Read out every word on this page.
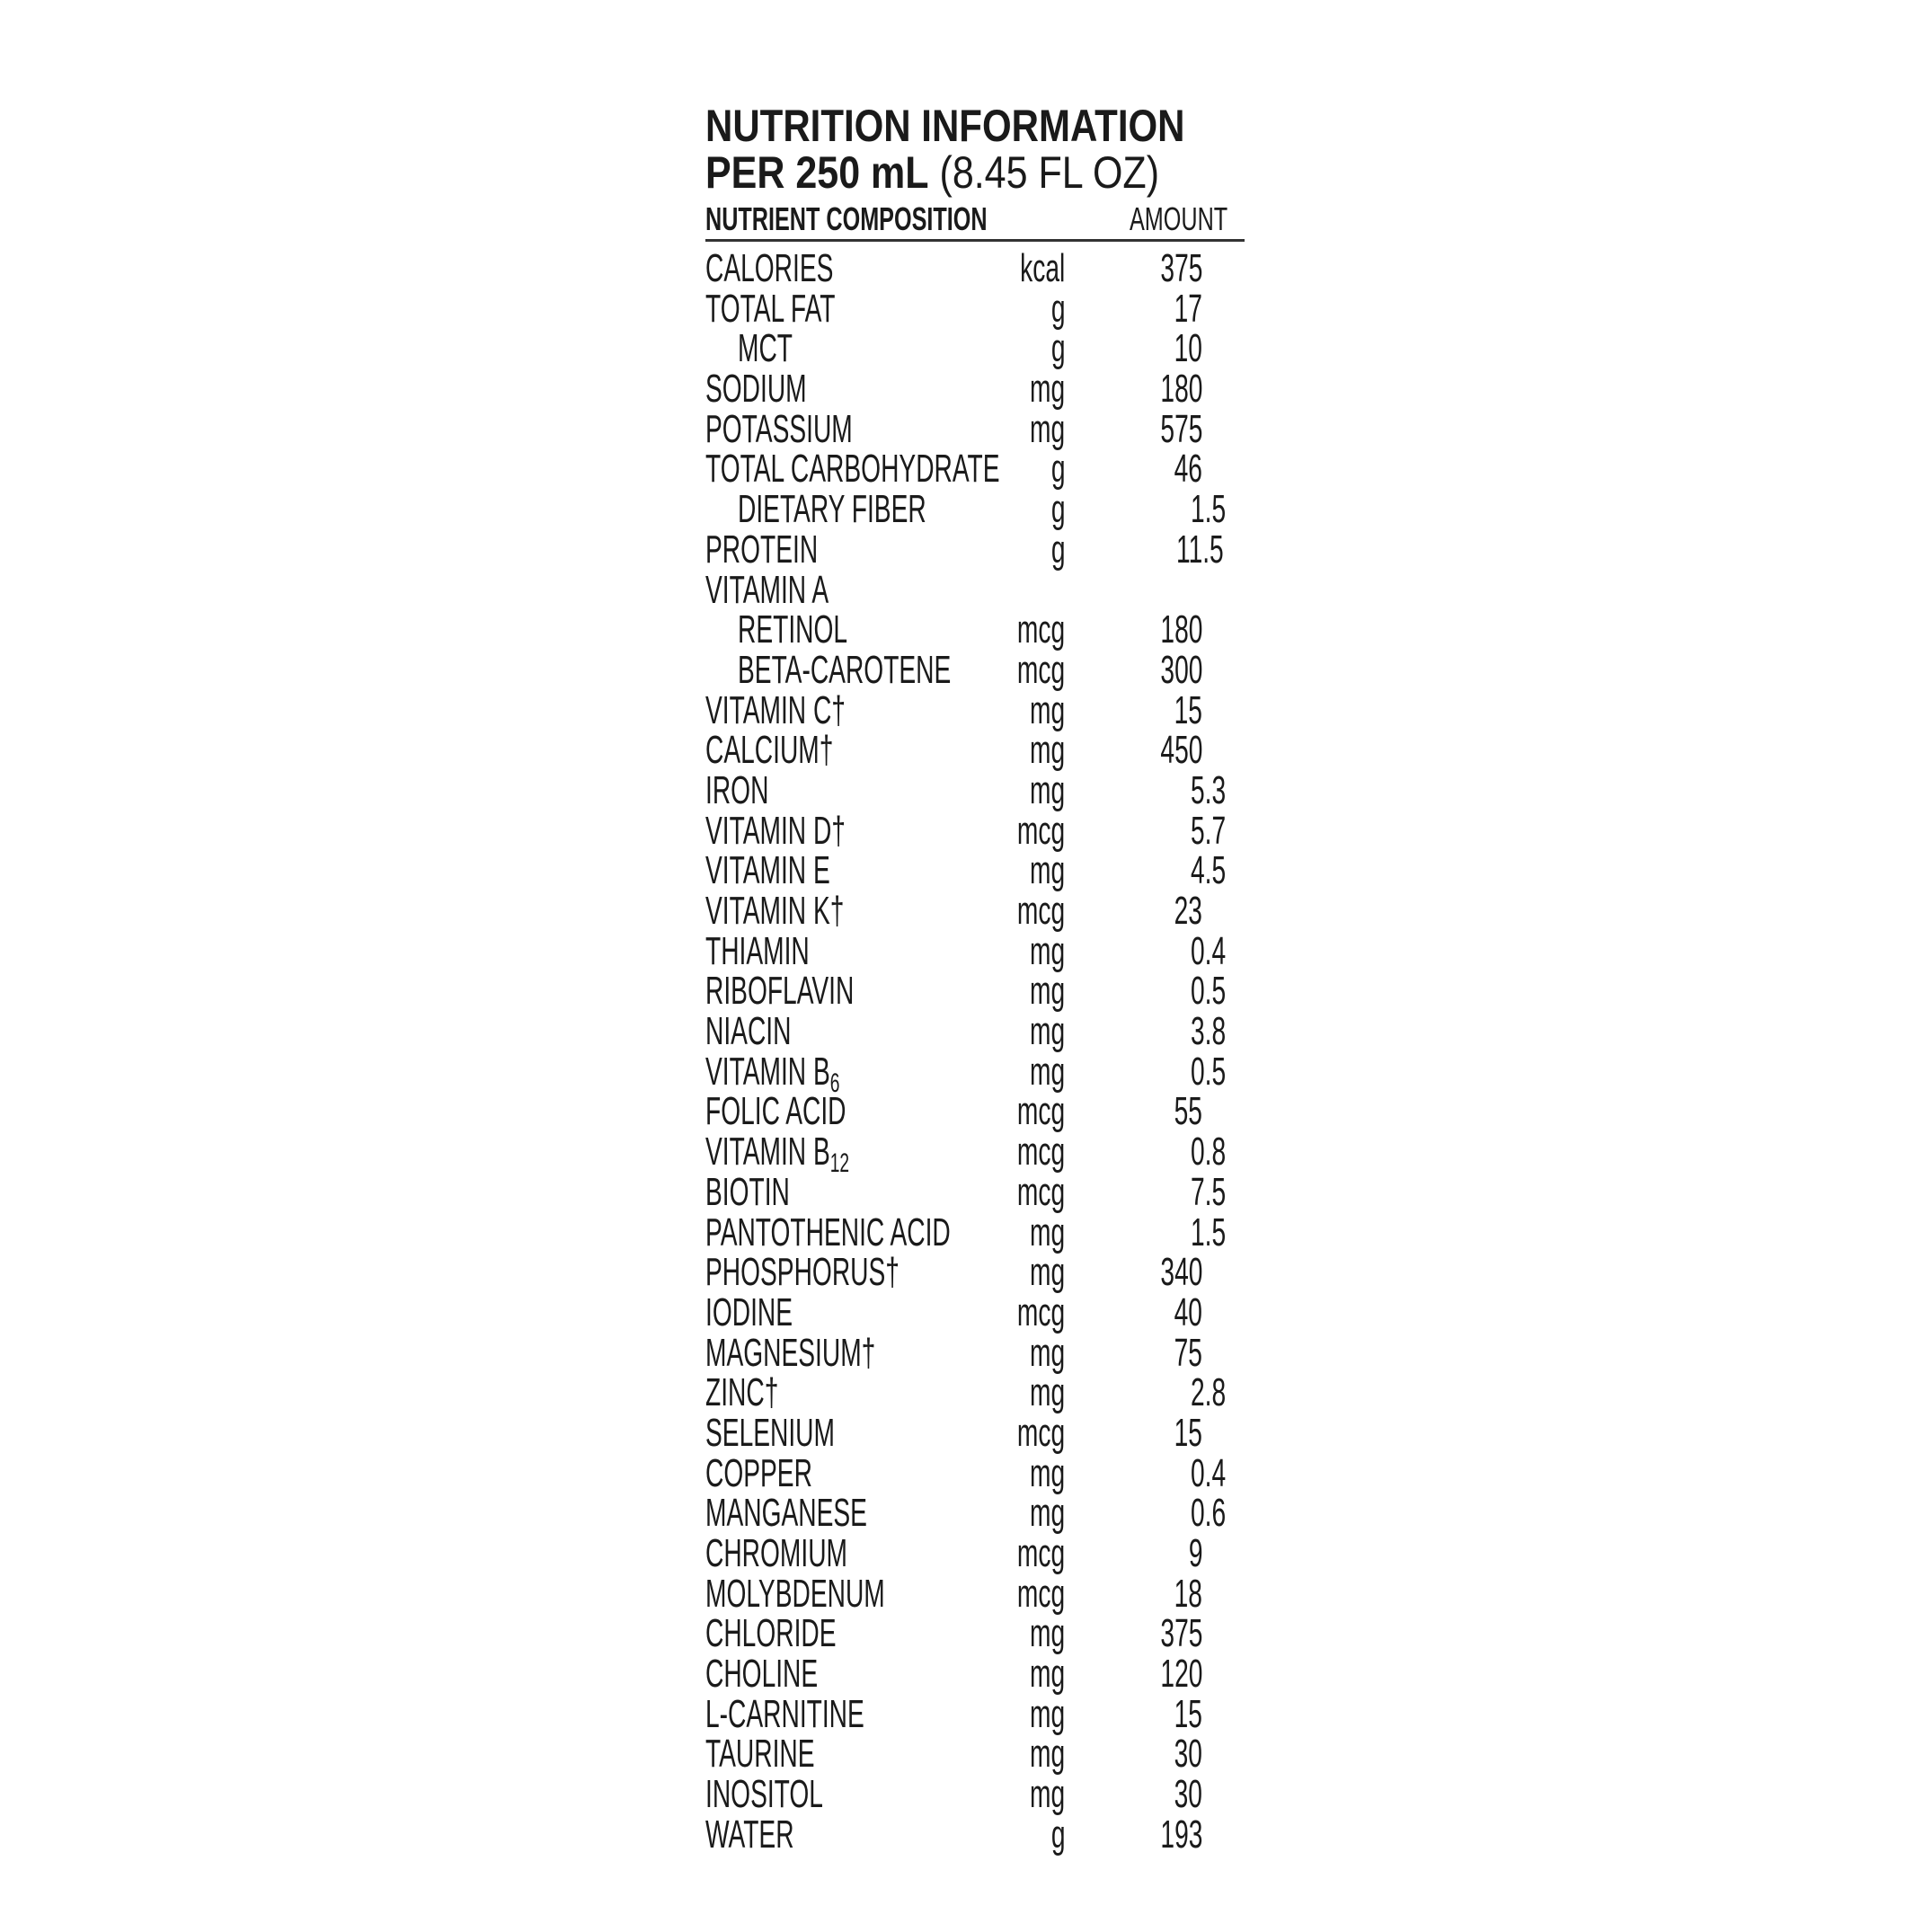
NUTRITION INFORMATION
PER 250 mL (8.45 FL OZ)
NUTRIENT COMPOSITION	AMOUNT
CALORIES	kcal 375
TOTAL FAT	g	17
MCT	g	10
SODIUM	mg 180
POTASSIUM	mg 575
TOTAL CARBOHYDRATE g	46
DIETARY FIBER	g	1.5
PROTEIN	g	11.5
VITAMIN A
RETINOL	mcg 180
BETA-CAROTENE mcg 300
VITAMIN C†	mg	15
CALCIUM†	mg 450
IRON	mg	5.3
VITAMIN D†	mcg	5.7
VITAMIN E	mg	4.5
VITAMIN K†	mcg	23
THIAMIN	mg	0.4
RIBOFLAVIN	mg	0.5
NIACIN	mg	3.8
VITAMIN B6	mg	0.5
FOLIC ACID	mcg	55
VITAMIN B12	mcg	0.8
BIOTIN	mcg	7.5
PANTOTHENIC ACID mg	1.5
PHOSPHORUS†	mg 340
IODINE	mcg	40
MAGNESIUM†	mg	75
ZINC†	mg	2.8
SELENIUM	mcg	15
COPPER	mg	0.4
MANGANESE	mg	0.6
CHROMIUM	mcg	9
MOLYBDENUM	mcg	18
CHLORIDE	mg 375
CHOLINE	mg 120
L-CARNITINE	mg	15
TAURINE	mg	30
INOSITOL	mg	30
WATER	g 193
